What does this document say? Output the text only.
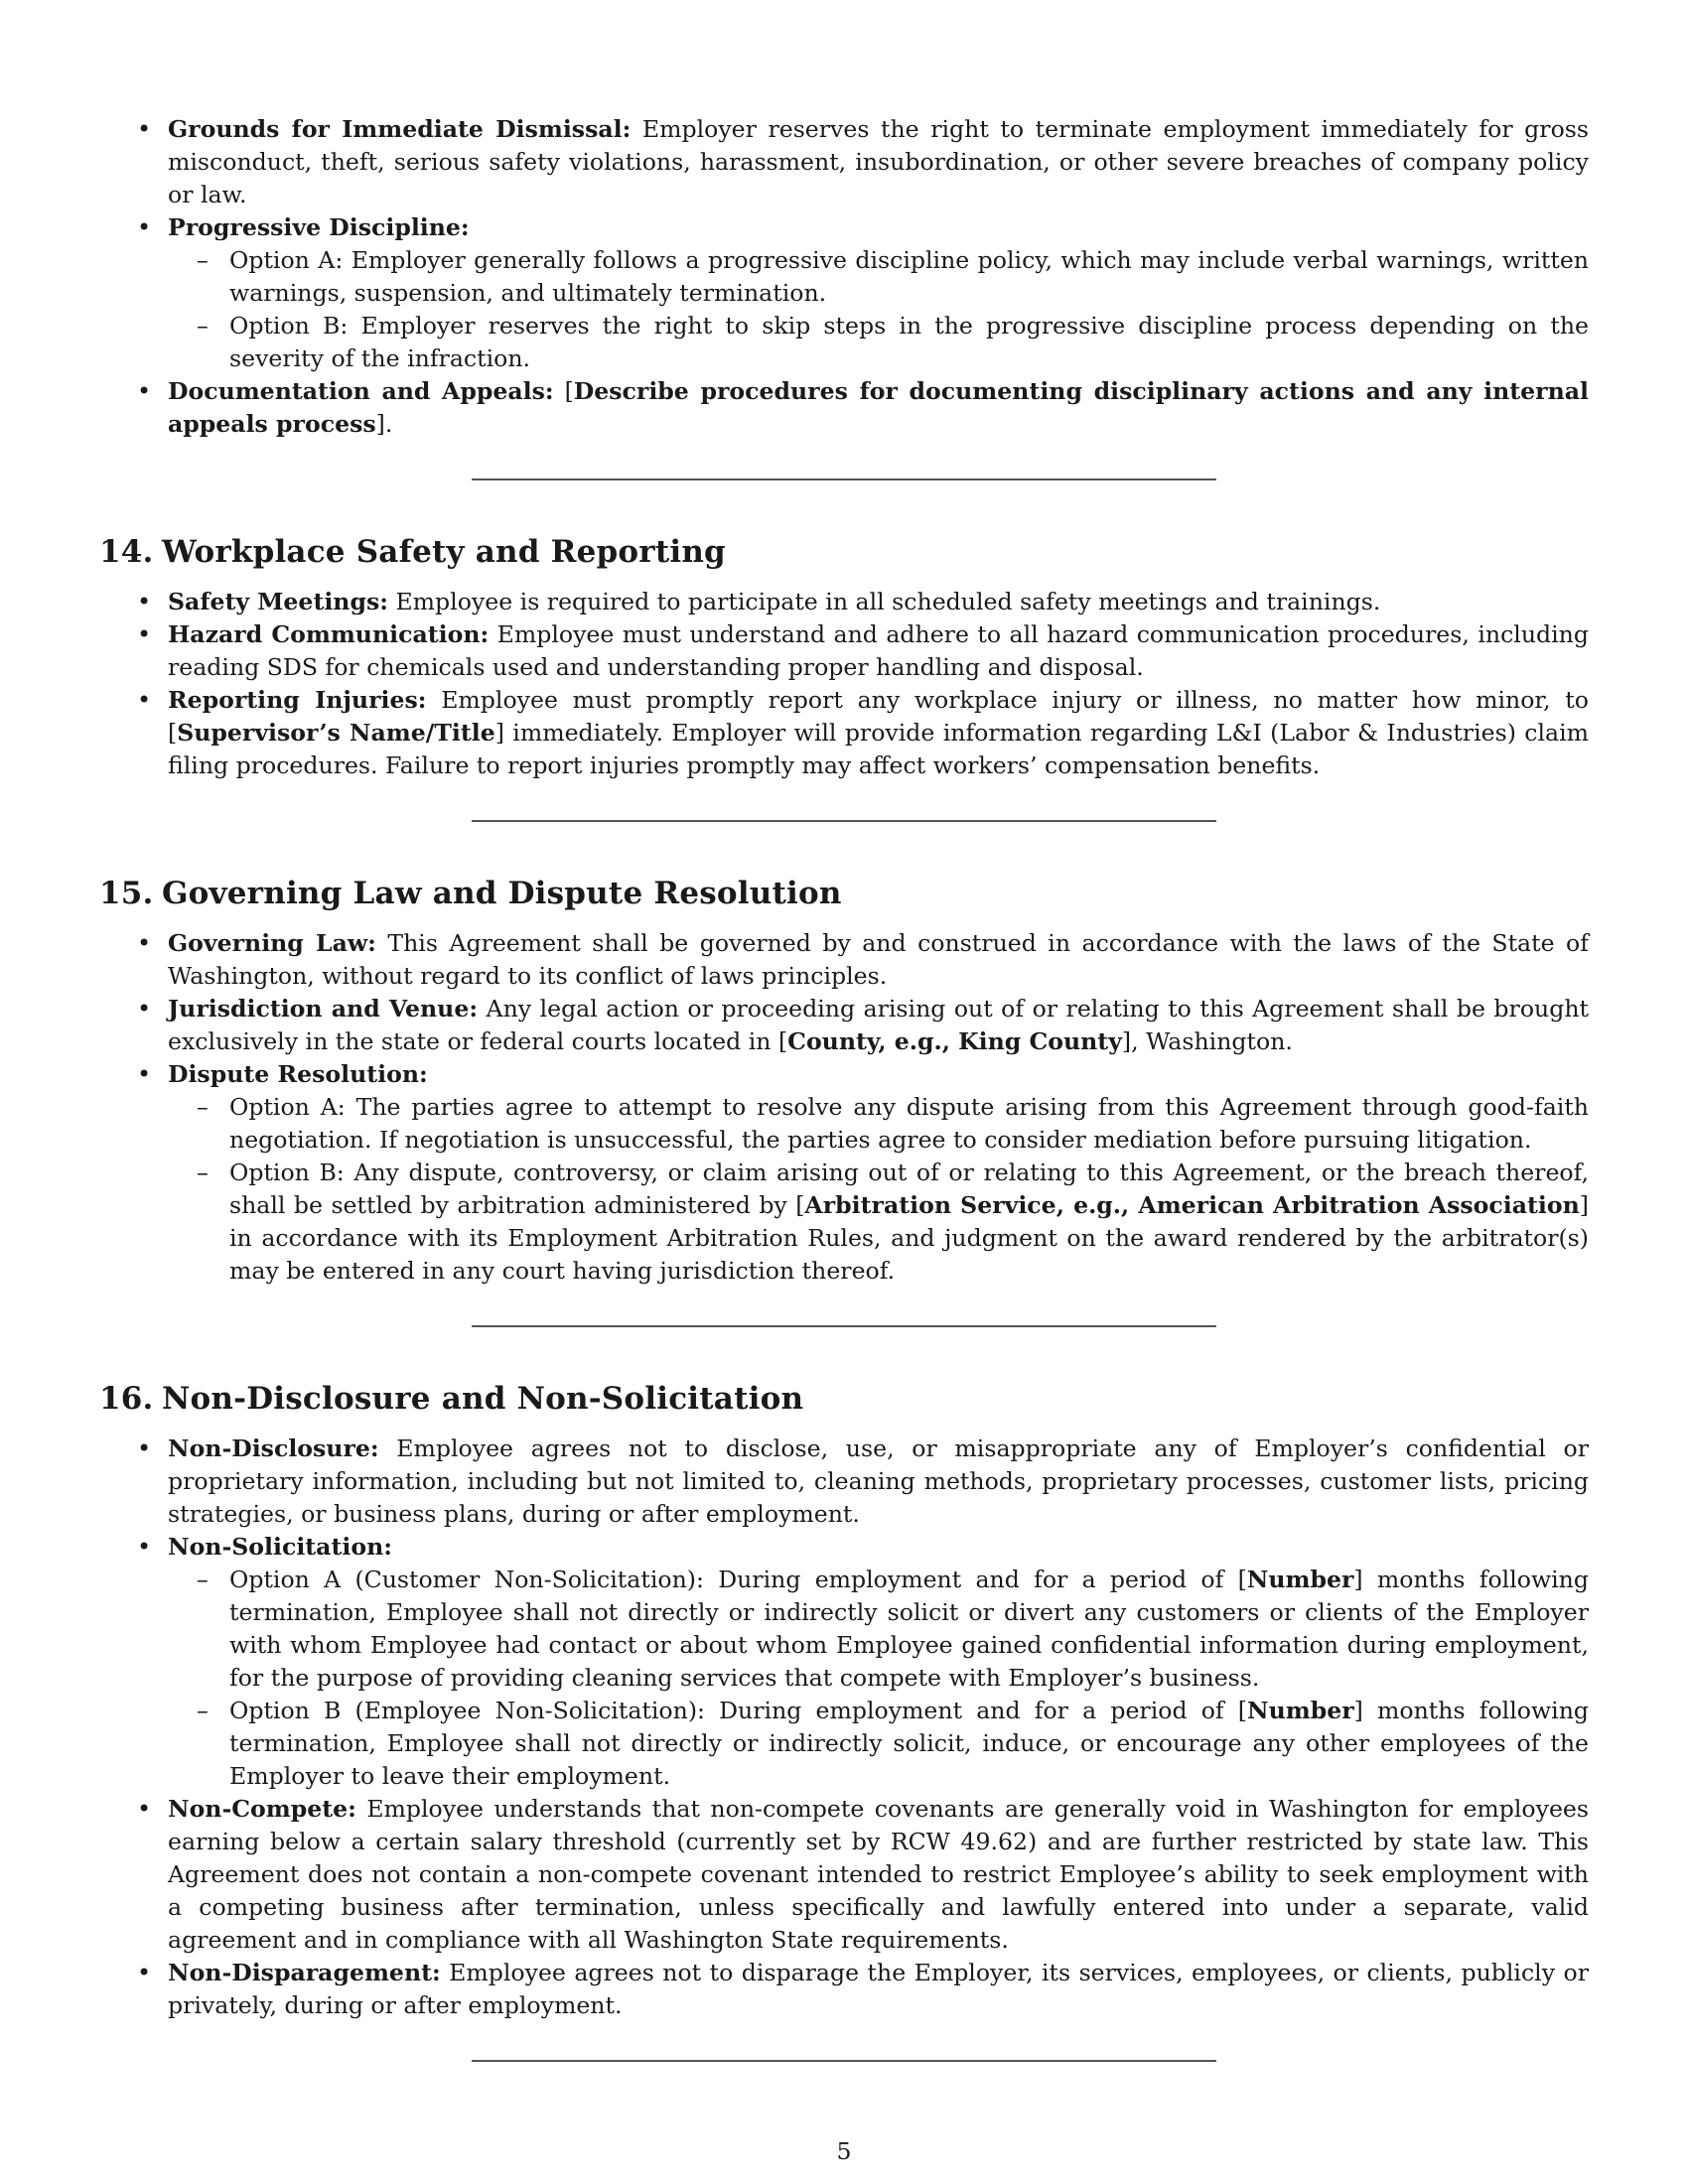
• Grounds for Immediate Dismissal: Employer reserves the right to terminate employment immediately for gross misconduct, theft, serious safety violations, harassment, insubordination, or other severe breaches of company policy or law.
• Progressive Discipline:
– Option A: Employer generally follows a progressive discipline policy, which may include verbal warnings, written warnings, suspension, and ultimately termination.
– Option B: Employer reserves the right to skip steps in the progressive discipline process depending on the severity of the infraction.
• Documentation and Appeals: [Describe procedures for documenting disciplinary actions and any internal appeals process].
14. Workplace Safety and Reporting
• Safety Meetings: Employee is required to participate in all scheduled safety meetings and trainings.
• Hazard Communication: Employee must understand and adhere to all hazard communication procedures, including reading SDS for chemicals used and understanding proper handling and disposal.
• Reporting Injuries: Employee must promptly report any workplace injury or illness, no matter how minor, to [Supervisor’s Name/Title] immediately. Employer will provide information regarding L&I (Labor & Industries) claim filing procedures. Failure to report injuries promptly may affect workers’ compensation benefits.
15. Governing Law and Dispute Resolution
• Governing Law: This Agreement shall be governed by and construed in accordance with the laws of the State of Washington, without regard to its conflict of laws principles.
• Jurisdiction and Venue: Any legal action or proceeding arising out of or relating to this Agreement shall be brought exclusively in the state or federal courts located in [County, e.g., King County], Washington.
• Dispute Resolution:
– Option A: The parties agree to attempt to resolve any dispute arising from this Agreement through good-faith negotiation. If negotiation is unsuccessful, the parties agree to consider mediation before pursuing litigation.
– Option B: Any dispute, controversy, or claim arising out of or relating to this Agreement, or the breach thereof, shall be settled by arbitration administered by [Arbitration Service, e.g., American Arbitration Association] in accordance with its Employment Arbitration Rules, and judgment on the award rendered by the arbitrator(s) may be entered in any court having jurisdiction thereof.
16. Non-Disclosure and Non-Solicitation
• Non-Disclosure: Employee agrees not to disclose, use, or misappropriate any of Employer’s confidential or proprietary information, including but not limited to, cleaning methods, proprietary processes, customer lists, pricing strategies, or business plans, during or after employment.
• Non-Solicitation:
– Option A (Customer Non-Solicitation): During employment and for a period of [Number] months following termination, Employee shall not directly or indirectly solicit or divert any customers or clients of the Employer with whom Employee had contact or about whom Employee gained confidential information during employment, for the purpose of providing cleaning services that compete with Employer’s business.
– Option B (Employee Non-Solicitation): During employment and for a period of [Number] months following termination, Employee shall not directly or indirectly solicit, induce, or encourage any other employees of the Employer to leave their employment.
• Non-Compete: Employee understands that non-compete covenants are generally void in Washington for employees earning below a certain salary threshold (currently set by RCW 49.62) and are further restricted by state law. This Agreement does not contain a non-compete covenant intended to restrict Employee’s ability to seek employment with a competing business after termination, unless specifically and lawfully entered into under a separate, valid agreement and in compliance with all Washington State requirements.
• Non-Disparagement: Employee agrees not to disparage the Employer, its services, employees, or clients, publicly or privately, during or after employment.
5
